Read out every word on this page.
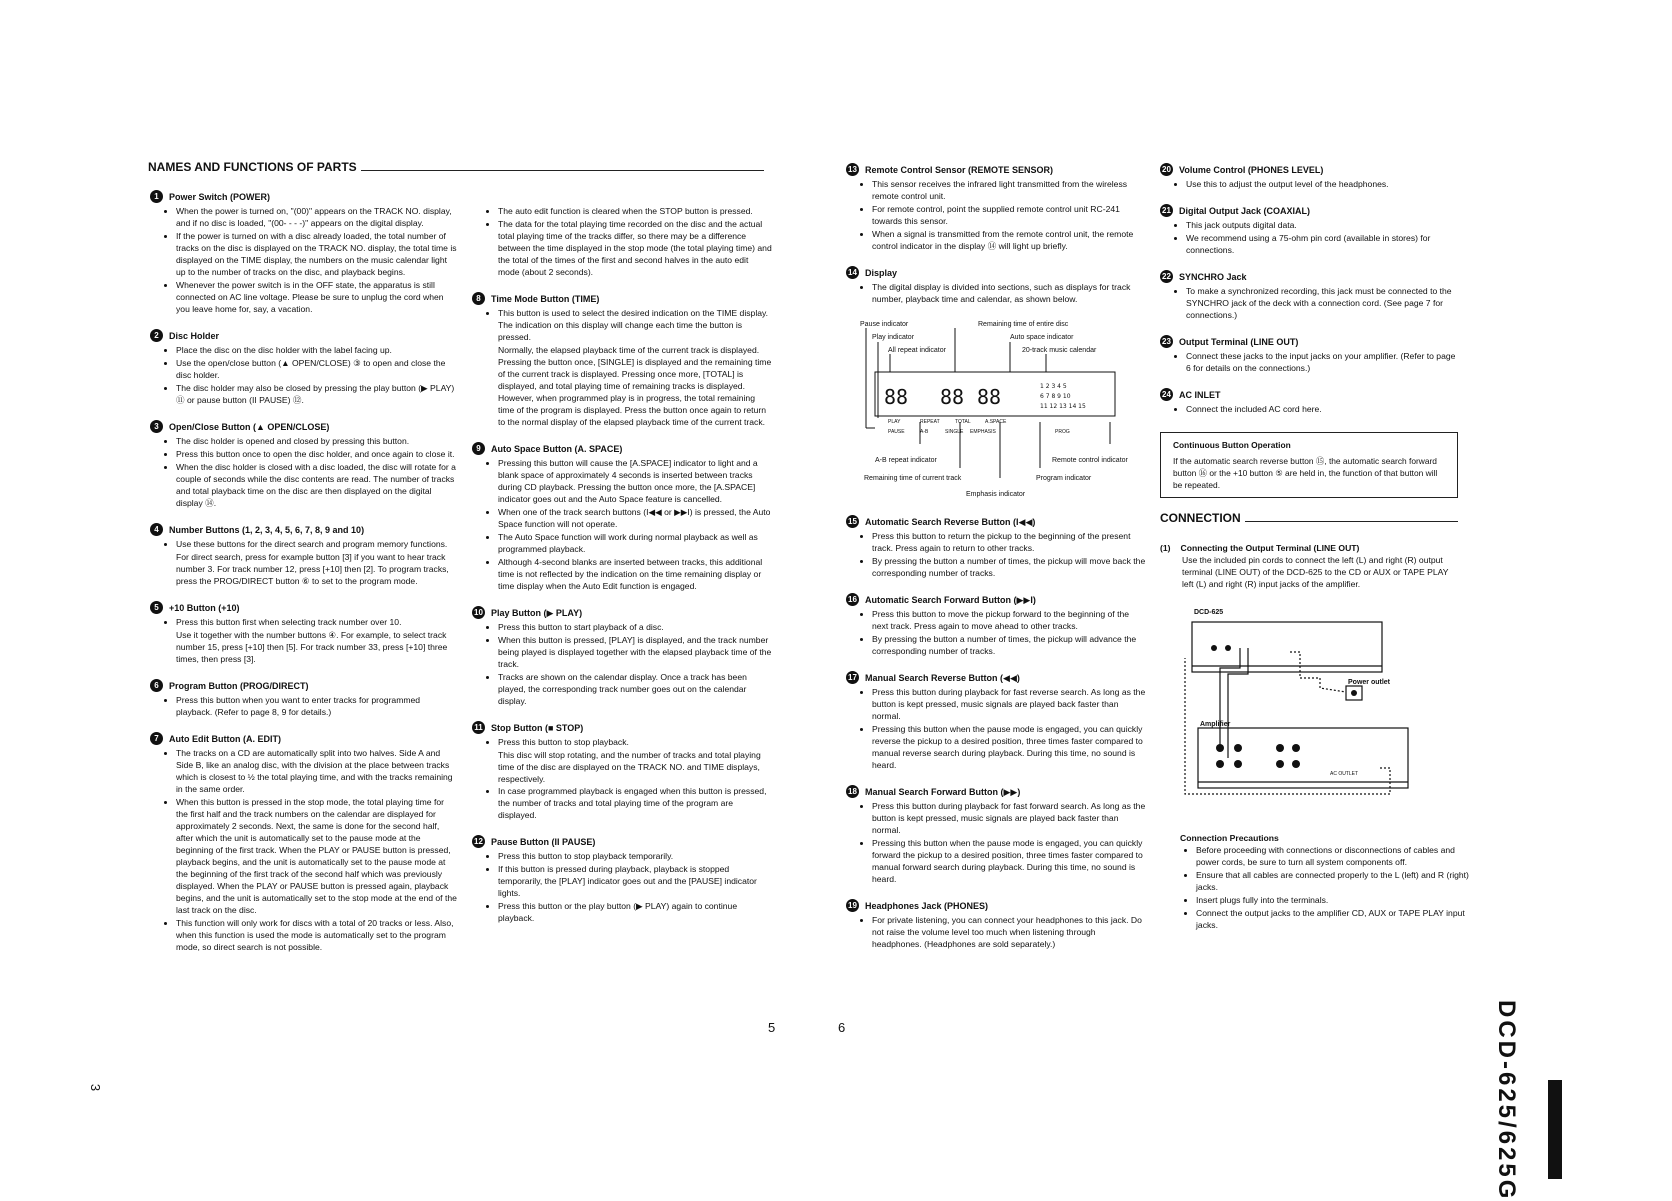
NAMES AND FUNCTIONS OF PARTS
CONNECTION
1	Power Switch (POWER)
• When the power is turned on, "(00)" appears on the TRACK NO. display, and if no disc is loaded, "(00- - - -)" appears on the digital display.
• If the power is turned on with a disc already loaded, the total number of tracks on the disc is displayed on the TRACK NO. display, the total time is displayed on the TIME display, the numbers on the music calendar light up to the number of tracks on the disc, and playback begins.
• Whenever the power switch is in the OFF state, the apparatus is still connected on AC line voltage. Please be sure to unplug the cord when you leave home for, say, a vacation.
2	Disc Holder
• Place the disc on the disc holder with the label facing up.
• Use the open/close button (▲ OPEN/CLOSE) ③ to open and close the disc holder.
• The disc holder may also be closed by pressing the play button (▶ PLAY) ⑪ or pause button (II PAUSE) ⑫.
3	Open/Close Button (▲ OPEN/CLOSE)
• The disc holder is opened and closed by pressing this button.
• Press this button once to open the disc holder, and once again to close it.
• When the disc holder is closed with a disc loaded, the disc will rotate for a couple of seconds while the disc contents are read. The number of tracks and total playback time on the disc are then displayed on the digital display ⑭.
4	Number Buttons (1, 2, 3, 4, 5, 6, 7, 8, 9 and 10)
• Use these buttons for the direct search and program memory functions.
For direct search, press for example button [3] if you want to hear track number 3. For track number 12, press [+10] then [2]. To program tracks, press the PROG/DIRECT button ⑥ to set to the program mode.
5	+10 Button (+10)
• Press this button first when selecting track number over 10.
Use it together with the number buttons ④. For example, to select track number 15, press [+10] then [5]. For track number 33, press [+10] three times, then press [3].
6	Program Button (PROG/DIRECT)
• Press this button when you want to enter tracks for programmed playback. (Refer to page 8, 9 for details.)
7	Auto Edit Button (A. EDIT)
• The tracks on a CD are automatically split into two halves. Side A and Side B, like an analog disc, with the division at the place between tracks which is closest to ½ the total playing time, and with the tracks remaining in the same order.
• When this button is pressed in the stop mode, the total playing time for the first half and the track numbers on the calendar are displayed for approximately 2 seconds. Next, the same is done for the second half, after which the unit is automatically set to the pause mode at the beginning of the first track. When the PLAY or PAUSE button is pressed, playback begins, and the unit is automatically set to the pause mode at the beginning of the first track of the second half which was previously displayed. When the PLAY or PAUSE button is pressed again, playback begins, and the unit is automatically set to the stop mode at the end of the last track on the disc.
• This function will only work for discs with a total of 20 tracks or less. Also, when this function is used the mode is automatically set to the program mode, so direct search is not possible.
• The auto edit function is cleared when the STOP button is pressed.
• The data for the total playing time recorded on the disc and the actual total playing time of the tracks differ, so there may be a difference between the time displayed in the stop mode (the total playing time) and the total of the times of the first and second halves in the auto edit mode (about 2 seconds).
8	Time Mode Button (TIME)
• This button is used to select the desired indication on the TIME display. The indication on this display will change each time the button is pressed.
Normally, the elapsed playback time of the current track is displayed. Pressing the button once, [SINGLE] is displayed and the remaining time of the current track is displayed. Pressing once more, [TOTAL] is displayed, and total playing time of remaining tracks is displayed. However, when programmed play is in progress, the total remaining time of the program is displayed. Press the button once again to return to the normal display of the elapsed playback time of the current track.
9	Auto Space Button (A. SPACE)
• Pressing this button will cause the [A.SPACE] indicator to light and a blank space of approximately 4 seconds is inserted between tracks during CD playback. Pressing the button once more, the [A.SPACE] indicator goes out and the Auto Space feature is cancelled.
• When one of the track search buttons (I◀◀ or ▶▶I) is pressed, the Auto Space function will not operate.
• The Auto Space function will work during normal playback as well as programmed playback.
• Although 4-second blanks are inserted between tracks, this additional time is not reflected by the indication on the time remaining display or time display when the Auto Edit function is engaged.
10 Play Button (▶ PLAY)
• Press this button to start playback of a disc.
• When this button is pressed, [PLAY] is displayed, and the track number being played is displayed together with the elapsed playback time of the track.
• Tracks are shown on the calendar display. Once a track has been played, the corresponding track number goes out on the calendar display.
11 Stop Button (■ STOP)
• Press this button to stop playback.
This disc will stop rotating, and the number of tracks and total playing time of the disc are displayed on the TRACK NO. and TIME displays, respectively.
• In case programmed playback is engaged when this button is pressed, the number of tracks and total playing time of the program are displayed.
12 Pause Button (II PAUSE)
• Press this button to stop playback temporarily.
• If this button is pressed during playback, playback is stopped temporarily, the [PLAY] indicator goes out and the [PAUSE] indicator lights.
• Press this button or the play button (▶ PLAY) again to continue playback.
13 Remote Control Sensor (REMOTE SENSOR)
• This sensor receives the infrared light transmitted from the wireless remote control unit.
• For remote control, point the supplied remote control unit RC-241 towards this sensor.
• When a signal is transmitted from the remote control unit, the remote control indicator in the display ⑭ will light up briefly.
14 Display
• The digital display is divided into sections, such as displays for track number, playback time and calendar, as shown below.
15 Automatic Search Reverse Button (I◀◀)
• Press this button to return the pickup to the beginning of the present track. Press again to return to other tracks.
• By pressing the button a number of times, the pickup will move back the corresponding number of tracks.
16 Automatic Search Forward Button (▶▶I)
• Press this button to move the pickup forward to the beginning of the next track. Press again to move ahead to other tracks.
• By pressing the button a number of times, the pickup will advance the corresponding number of tracks.
17 Manual Search Reverse Button (◀◀)
• Press this button during playback for fast reverse search. As long as the button is kept pressed, music signals are played back faster than normal.
• Pressing this button when the pause mode is engaged, you can quickly reverse the pickup to a desired position, three times faster compared to manual reverse search during playback. During this time, no sound is heard.
18 Manual Search Forward Button (▶▶)
• Press this button during playback for fast forward search. As long as the button is kept pressed, music signals are played back faster than normal.
• Pressing this button when the pause mode is engaged, you can quickly forward the pickup to a desired position, three times faster compared to manual forward search during playback. During this time, no sound is heard.
19 Headphones Jack (PHONES)
• For private listening, you can connect your headphones to this jack. Do not raise the volume level too much when listening through headphones. (Headphones are sold separately.)
20 Volume Control (PHONES LEVEL)
• Use this to adjust the output level of the headphones.
21 Digital Output Jack (COAXIAL)
• This jack outputs digital data.
• We recommend using a 75-ohm pin cord (available in stores) for connections.
22 SYNCHRO Jack
• To make a synchronized recording, this jack must be connected to the SYNCHRO jack of the deck with a connection cord. (See page 7 for connections.)
23 Output Terminal (LINE OUT)
• Connect these jacks to the input jacks on your amplifier. (Refer to page 6 for details on the connections.)
24 AC INLET
• Connect the included AC cord here.
Pause indicator
Play indicator
All repeat indicator
Remaining time of entire disc
Auto space indicator
20-track music calendar
88 88 88	1 2 3 4 5
6 7 8 9 10
11 12 13 14 15
PLAY	REPEAT	TOTAL	A.SPACE
PAUSE	A-B	SINGLE EMPHASIS	PROG
A-B repeat indicator
Remaining time of current track
Emphasis indicator
Program indicator
Remote control indicator
Continuous Button Operation
If the automatic search reverse button ⑮, the automatic search forward button ⑯ or the +10 button ⑤ are held in, the function of that button will be repeated.
(1) Connecting the Output Terminal (LINE OUT)
Use the included pin cords to connect the left (L) and right (R) output terminal (LINE OUT) of the DCD-625 to the CD or AUX or TAPE PLAY left (L) and right (R) input jacks of the amplifier.
DCD-625
Power outlet
Amplifier
AC OUTLET
Connection Precautions
• Before proceeding with connections or disconnections of cables and power cords, be sure to turn all system components off.
• Ensure that all cables are connected properly to the L (left) and R (right) jacks.
• Insert plugs fully into the terminals.
• Connect the output jacks to the amplifier CD, AUX or TAPE PLAY input jacks.
5	6
3	DCD-625/625G
